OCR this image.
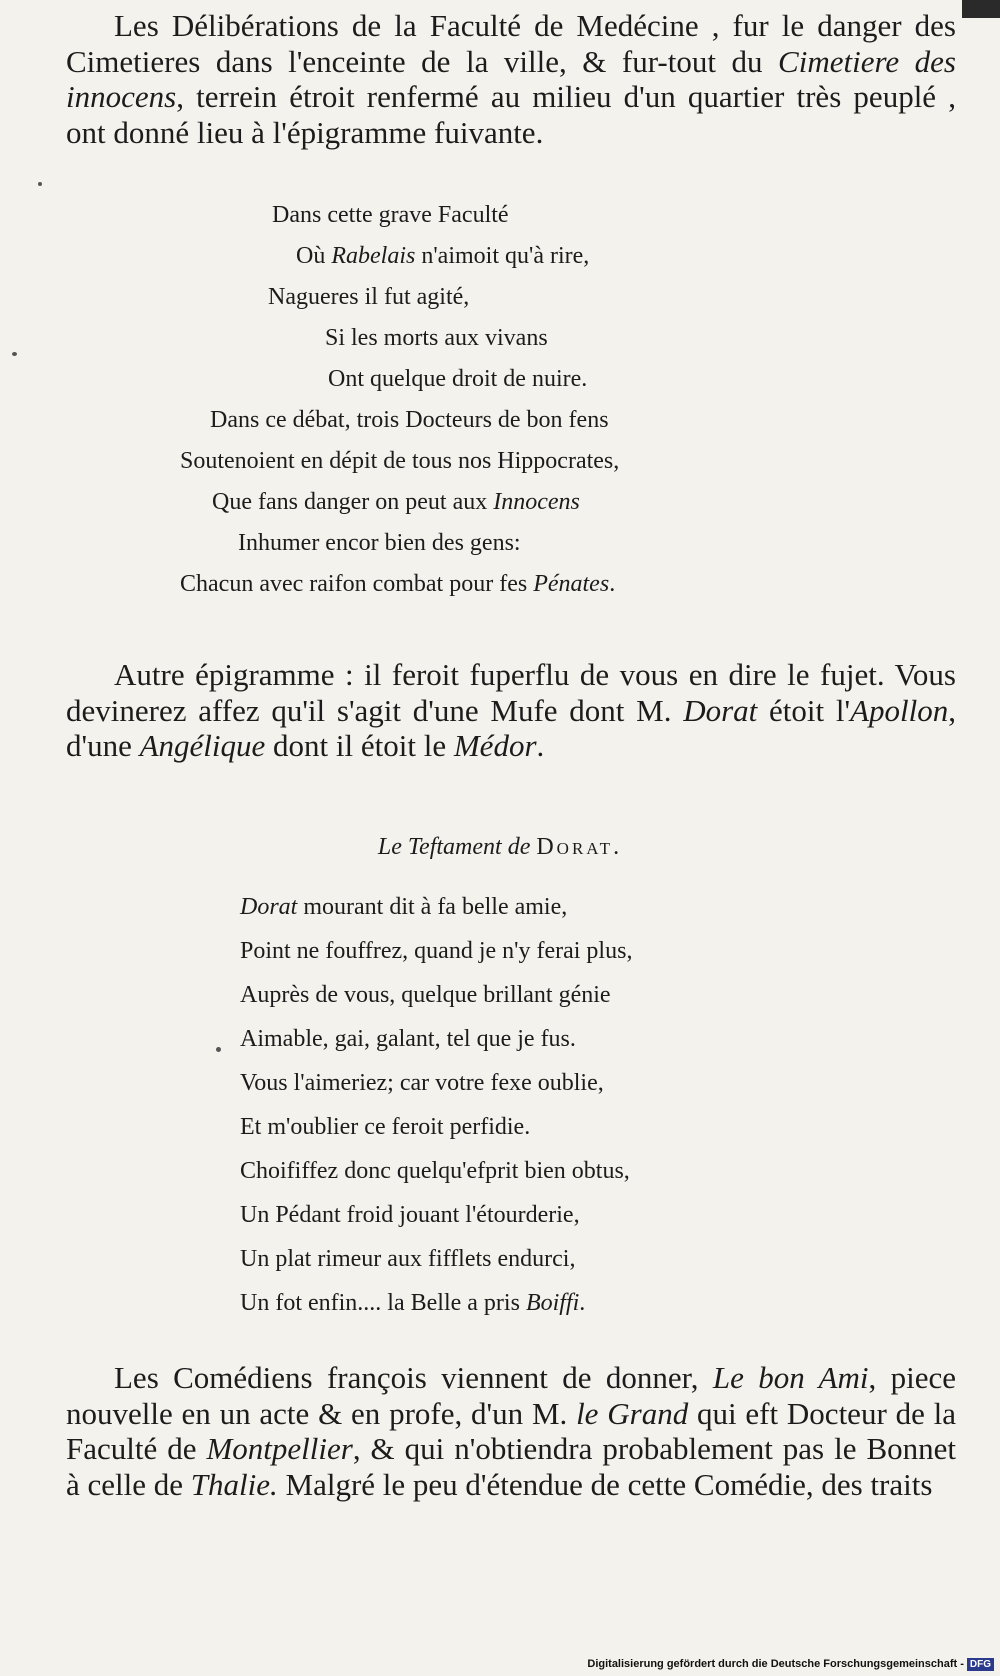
Les Délibérations de la Faculté de Medécine , fur le danger des Cimetieres dans l'enceinte de la ville, & fur-tout du Cimetiere des innocens, terrein étroit renfermé au milieu d'un quartier très peuplé , ont donné lieu à l'épigramme fuivante.

Dans cette grave Faculté
Où Rabelais n'aimoit qu'à rire,
Nagueres il fut agité,
Si les morts aux vivans
Ont quelque droit de nuire.
Dans ce débat, trois Docteurs de bon fens
Soutenoient en dépit de tous nos Hippocrates,
Que fans danger on peut aux Innocens
Inhumer encor bien des gens:
Chacun avec raifon combat pour fes Pénates.

Autre épigramme : il feroit fuperflu de vous en dire le fujet. Vous devinerez affez qu'il s'agit d'une Mufe dont M. Dorat étoit l'Apollon, d'une Angélique dont il étoit le Médor.

Le Teftament de Dorat.
Dorat mourant dit à fa belle amie,
Point ne fouffrez, quand je n'y ferai plus,
Auprès de vous, quelque brillant génie
Aimable, gai, galant, tel que je fus.
Vous l'aimeriez; car votre fexe oublie,
Et m'oublier ce feroit perfidie.
Choififfez donc quelqu'efprit bien obtus,
Un Pédant froid jouant l'étourderie,
Un plat rimeur aux fifflets endurci,
Un fot enfin.... la Belle a pris Boiffi.

Les Comédiens françois viennent de donner, Le bon Ami, piece nouvelle en un acte & en profe, d'un M. le Grand qui eft Docteur de la Faculté de Montpellier, & qui n'obtiendra probablement pas le Bonnet à celle de Thalie. Malgré le peu d'étendue de cette Comédie, des traits

Digitalisierung gefördert durch die Deutsche Forschungsgemeinschaft - DFG
